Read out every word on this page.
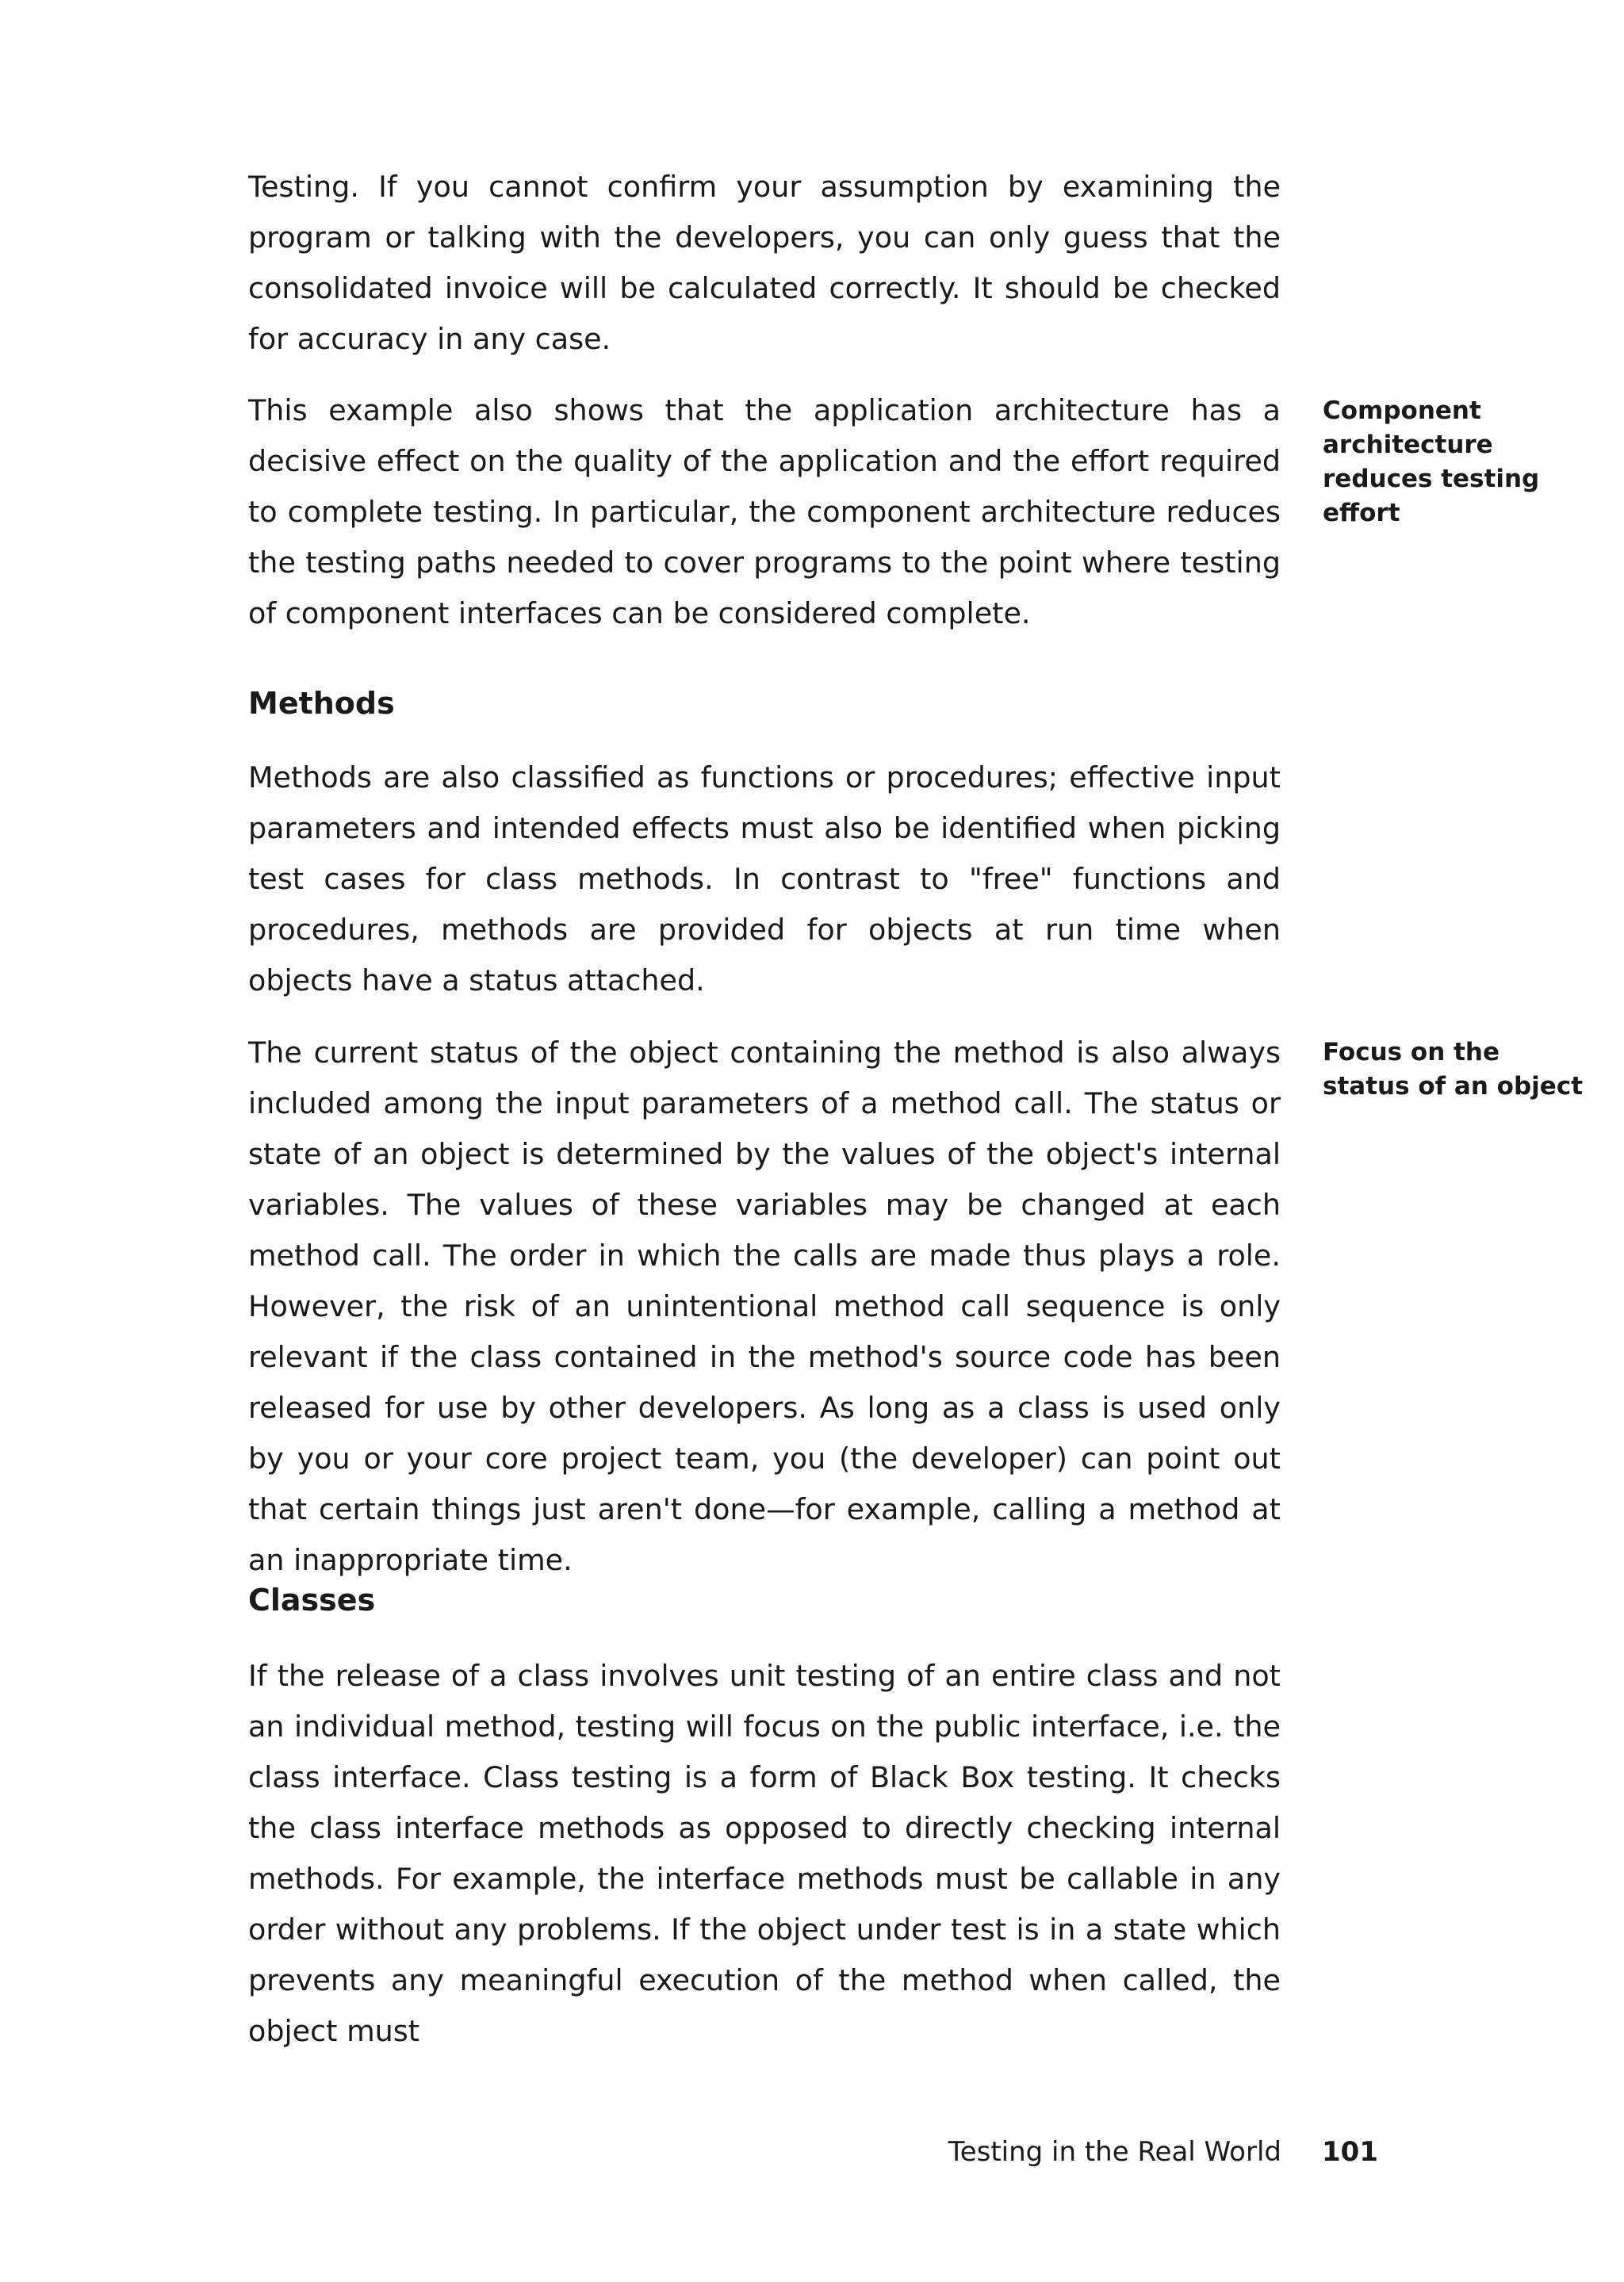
Testing. If you cannot confirm your assumption by examining the program or talking with the developers, you can only guess that the consolidated invoice will be calculated correctly. It should be checked for accuracy in any case.

This example also shows that the application architecture has a decisive effect on the quality of the application and the effort required to complete testing. In particular, the component architecture reduces the testing paths needed to cover programs to the point where testing of component interfaces can be considered complete.

Component
architecture
reduces testing
effort

Methods

Methods are also classified as functions or procedures; effective input parameters and intended effects must also be identified when picking test cases for class methods. In contrast to "free" functions and procedures, methods are provided for objects at run time when objects have a status attached.

The current status of the object containing the method is also always included among the input parameters of a method call. The status or state of an object is determined by the values of the object's internal variables. The values of these variables may be changed at each method call. The order in which the calls are made thus plays a role. However, the risk of an unintentional method call sequence is only relevant if the class contained in the method's source code has been released for use by other developers. As long as a class is used only by you or your core project team, you (the developer) can point out that certain things just aren't done—for example, calling a method at an inappropriate time.

Focus on the
status of an object

Classes

If the release of a class involves unit testing of an entire class and not an individual method, testing will focus on the public interface, i.e. the class interface. Class testing is a form of Black Box testing. It checks the class interface methods as opposed to directly checking internal methods. For example, the interface methods must be callable in any order without any problems. If the object under test is in a state which prevents any meaningful execution of the method when called, the object must

Testing in the Real World 101
